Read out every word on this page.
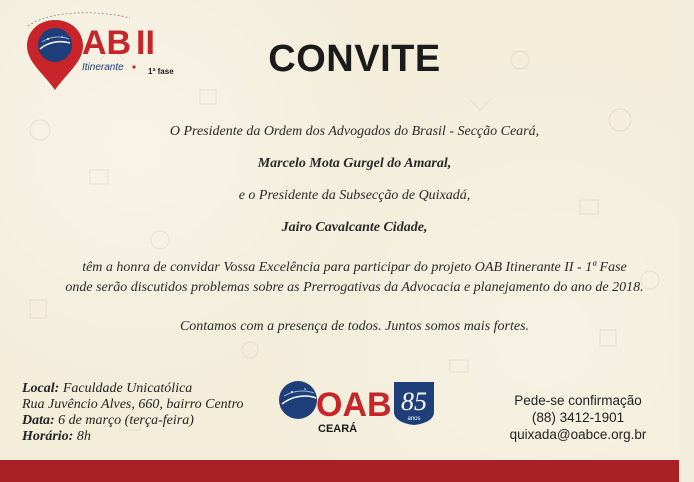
AB II
Itinerante	1ª fase	CONVITE
O Presidente da Ordem dos Advogados do Brasil - Secção Ceará,
Marcelo Mota Gurgel do Amaral,
e o Presidente da Subsecção de Quixadá,
Jairo Cavalcante Cidade,
têm a honra de convidar Vossa Excelência para participar do projeto OAB Itinerante II - 1ª Fase
onde serão discutidos problemas sobre as Prerrogativas da Advocacia e planejamento do ano de 2018.
Contamos com a presença de todos. Juntos somos mais fortes.
Local: Faculdade Unicatólica
Rua Juvêncio Alves, 660, bairro Centro
Data: 6 de março (terça-feira)
Horário: 8h
OAB
CEARÁ
85
anos
Pede-se confirmação
(88) 3412-1901
quixada@oabce.org.br
